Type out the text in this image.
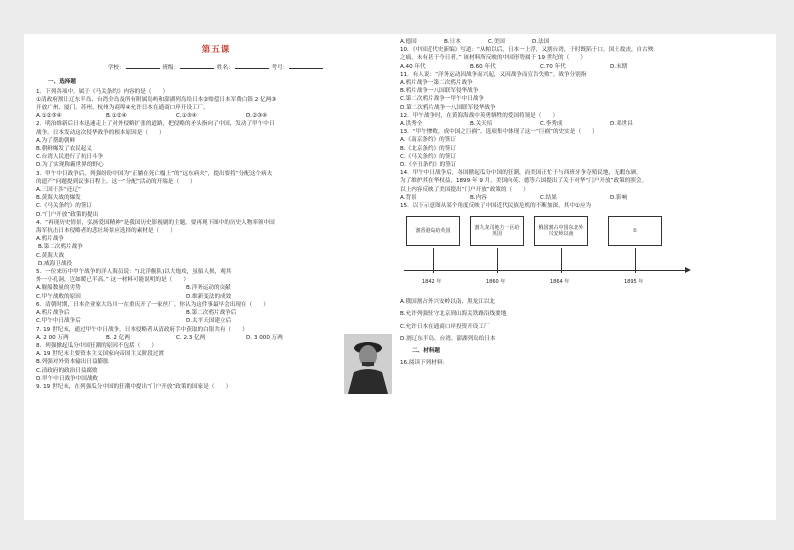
第五课
学校：	班级：	姓名：	考号：
一、选择题
1．下列各项中，属于《马关条约》内容的是（　　）
①清政府割让辽东半岛、台湾全岛及所有附属岛屿和澎湖列岛给日本②赔偿日本军费白银 2 亿两③
开放广州、厦门、苏州、杭州为商埠④允许日本在通商口岸开设工厂。
A.①②③④	B.①②④	C.①③④	D.②③④
2．明治维新后日本迅速走上了对外侵略扩张的道路，把侵略的矛头指向了中国，发动了甲午中日
战争。日本发动这次侵华战争的根本原因是（　　）
A.为了帮助朝鲜
B.朝鲜爆发了农民起义
C.台湾人民进行了抗日斗争
D.为了实现称霸世界的野心
3．甲午中日战争后，列强纷纷中国为“正躺在死亡榻上”的“远东病夫”，提出要将“分配这个病夫
的遗产”问题提到议事日程上。这一“分配”活动的开端是（　　）
A.三国干涉“还辽”
B.黄海大战的爆发
C.《马关条约》的签订
D.“门户开放”政策的提出
4．“再现历史情景，弘扬爱国精神”是我国历史影视剧的主题。要再现下图中的历史人物率领中国
海军抗击日本侵略者的悲壮场景应选择的素材是（　　）
A.鸦片战争
B.第二次鸦片战争
C.黄海大战
D.威海卫战役
5．一位来历中甲午战争的洋人海员说：“(北洋舰队)以大炮攻，虽船人损，观其
外一小孔洞，岂如暖已半高。” 这一材料可能说明的是（　　）
A.舰船数量的劣势	B.洋务运动的贡献
C.甲午战败的原因	D.维新变法的成效
6．清朝时期，日本企业家大岛川一在重庆开了一家丝厂。你认为这件事最早会出现在（　　）
A.鸦片战争后	B.第二次鸦片战争后
C.甲午中日战争后	D.太平天国建立后
7. 19 世纪末，通过甲午中日战争，日本侵略者从清政府手中获取的白银共有（　　）
A. 2 00 万两	B. 2 亿两	C. 2.3 亿两	D. 3 000 万两
8．列强掀起瓜分中国狂潮的原因不包括（　　）
A. 19 世纪末主要资本主义国家向帝国主义阶段过渡
B.列强对外资本输出日益膨胀
C.清政府的政治日益腐败
D.甲午中日战争中国战败
9. 19 世纪末，在列强瓜分中国的狂潮中提出“门户开放”政策的国家是（　　）
A.德国	B.日本	C.美国	D.法国
10．《中国近代史新编》写道：“从帕以后，日本一上浮，又割台湾，于时既陷于口，国土故丧，自古殃
之痛，未有甚于今日者。” 该材料所反映的中国形势属于 19 世纪的（　　）
A.40 年代	B.60 年代	C.70 年代	D.末期
11．有人说：“洋务运动因战争而兴起，又因战争而宣告失败”。战争分别指
A.鸦片战争一第二次鸦片战争
B.鸦片战争一八国联军侵华战争
C.第二次鸦片战争一甲午中日战争
D.第二次鸦片战争一八国联军侵华战争
12．甲午战争时，在黄海海战中英勇牺牲的爱国将领是（　　）
A.洪秀全	B.关天培	C.李秀成	D.邓世昌
13．“甲午惨败，成中国之巨祸”。选项集中体现了这一“巨祸”的史实是（　　）
A.《南京条约》的签订
B.《北京条约》的签订
C.《马关条约》的签订
D.《辛丑条约》的签订
14．甲午中日战争后，各国掀起瓜分中国的狂潮，而美国正忙于与西班牙争夺殖民地，无暇东顾。
为了维护其在华权益，1899 年 9 月，美国向英、德等六国提出了关于对华“门户开放”政策的照会。
以上内容反映了美国提出“门户开放”政策的（　　）
A.背景	B.内容	C.结果	D.影响
15．以下示意图从某个角度反映了中国近代民族危机的不断加深，其中①应为
割香港岛给英国
割九龙司地方一区给英国
俄国割占中国东北外兴安岭以南
①
1842 年	1860 年	1864 年	1895 年
A.俄国割占外兴安岭以南、黑龙江以北
B.允许列强驻守北京到山海关铁路沿线要地
C.允许日本在通商口岸投资开设工厂
D.割辽东半岛、台湾、澎湖列岛给日本
二、材料题
16.阅读下列材料：
